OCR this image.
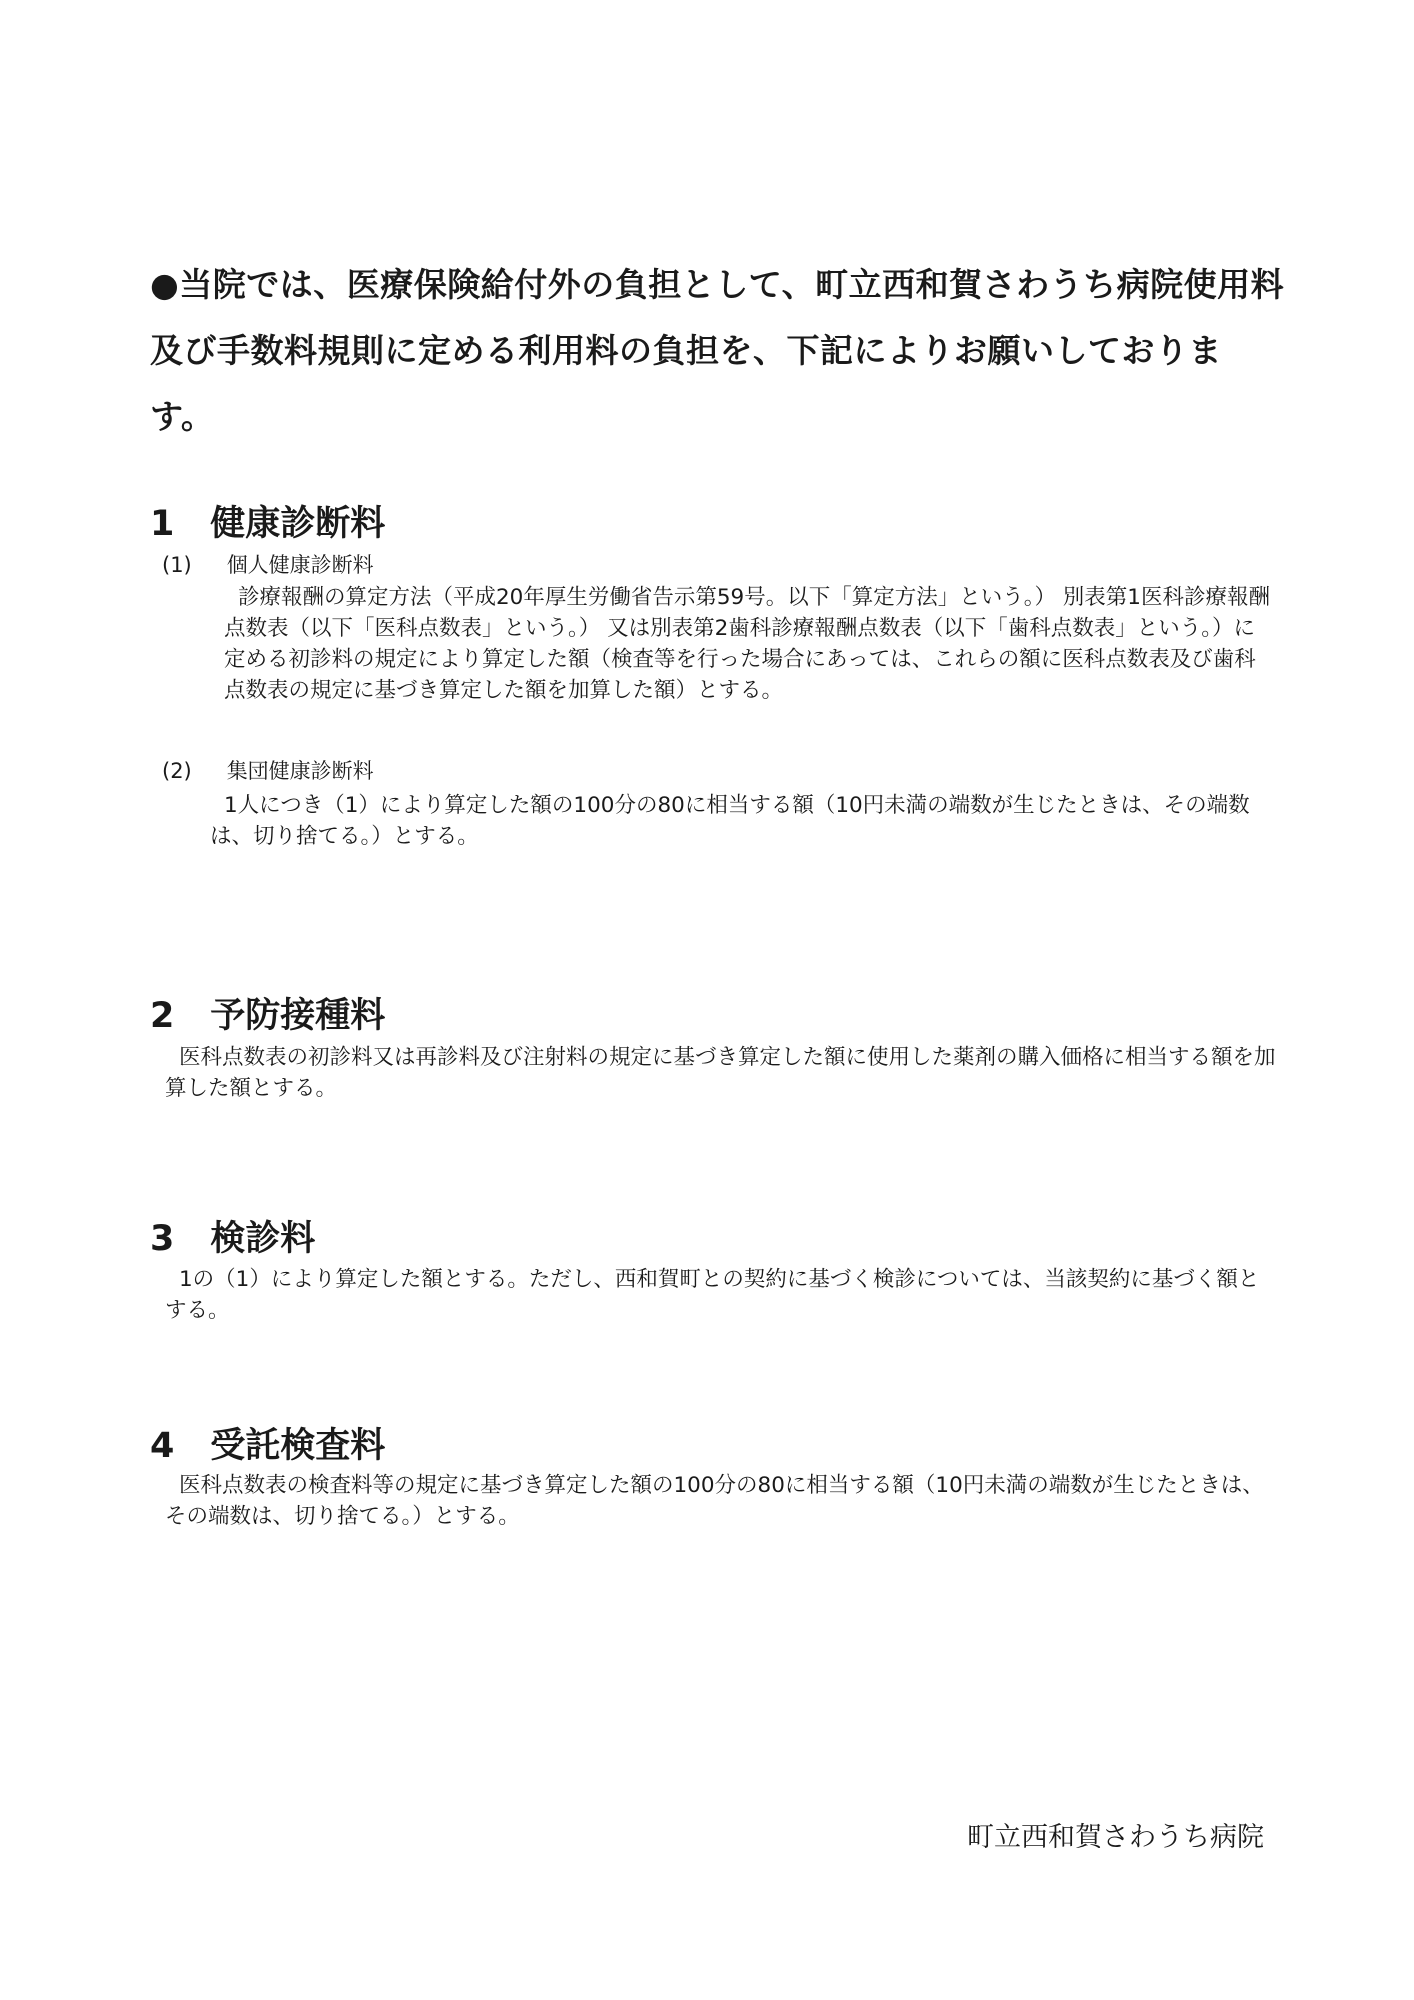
●当院では、医療保険給付外の負担として、町立西和賀さわうち病院使用料及び手数料規則に定める利用料の負担を、下記によりお願いしております。
1 健康診断料
(1) 個人健康診断料
診療報酬の算定方法（平成20年厚生労働省告示第59号。以下「算定方法」という。） 別表第1医科診療報酬点数表（以下「医科点数表」という。） 又は別表第2歯科診療報酬点数表（以下「歯科点数表」という。）に定める初診料の規定により算定した額（検査等を行った場合にあっては、これらの額に医科点数表及び歯科点数表の規定に基づき算定した額を加算した額）とする。
(2) 集団健康診断料
1人につき（1）により算定した額の100分の80に相当する額（10円未満の端数が生じたときは、その端数は、切り捨てる。）とする。
2 予防接種料
医科点数表の初診料又は再診料及び注射料の規定に基づき算定した額に使用した薬剤の購入価格に相当する額を加算した額とする。
3 検診料
1の（1）により算定した額とする。ただし、西和賀町との契約に基づく検診については、当該契約に基づく額とする。
4 受託検査料
医科点数表の検査料等の規定に基づき算定した額の100分の80に相当する額（10円未満の端数が生じたときは、その端数は、切り捨てる。）とする。
町立西和賀さわうち病院
